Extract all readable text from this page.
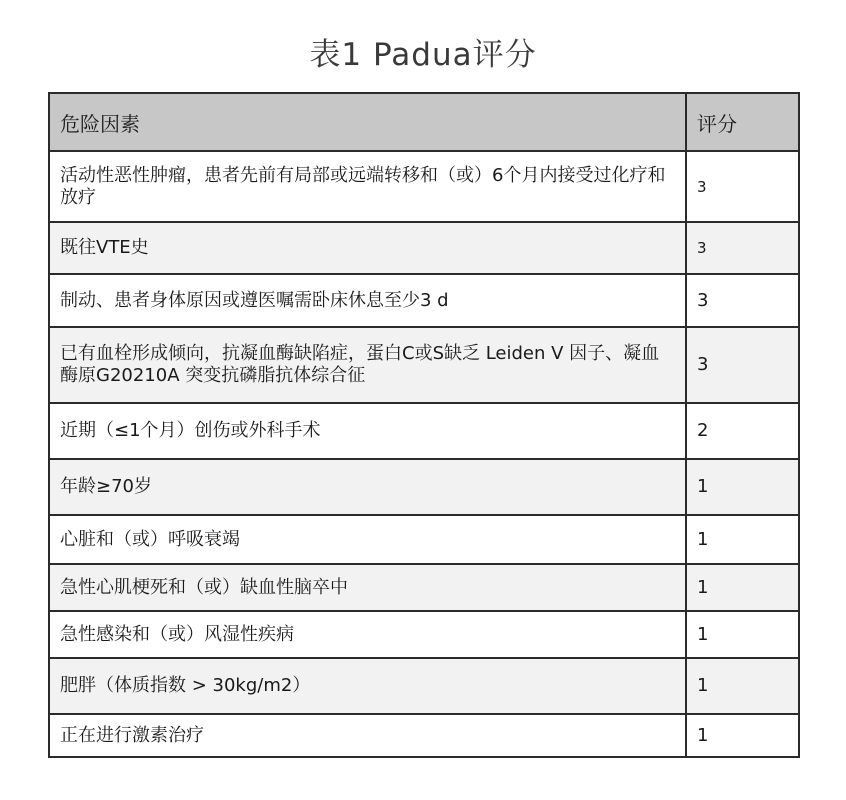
表1 Padua评分
危险因素	评分
活动性恶性肿瘤，患者先前有局部或远端转移和（或）6个月内接受过化疗和放疗	3
既往VTE史	3
制动、患者身体原因或遵医嘱需卧床休息至少3 d	3
已有血栓形成倾向，抗凝血酶缺陷症，蛋白C或S缺乏 Leiden V 因子、凝血酶原G20210A 突变抗磷脂抗体综合征	3
近期（≤1个月）创伤或外科手术	2
年龄≥70岁	1
心脏和（或）呼吸衰竭	1
急性心肌梗死和（或）缺血性脑卒中	1
急性感染和（或）风湿性疾病	1
肥胖（体质指数 > 30kg/m2）	1
正在进行激素治疗	1
